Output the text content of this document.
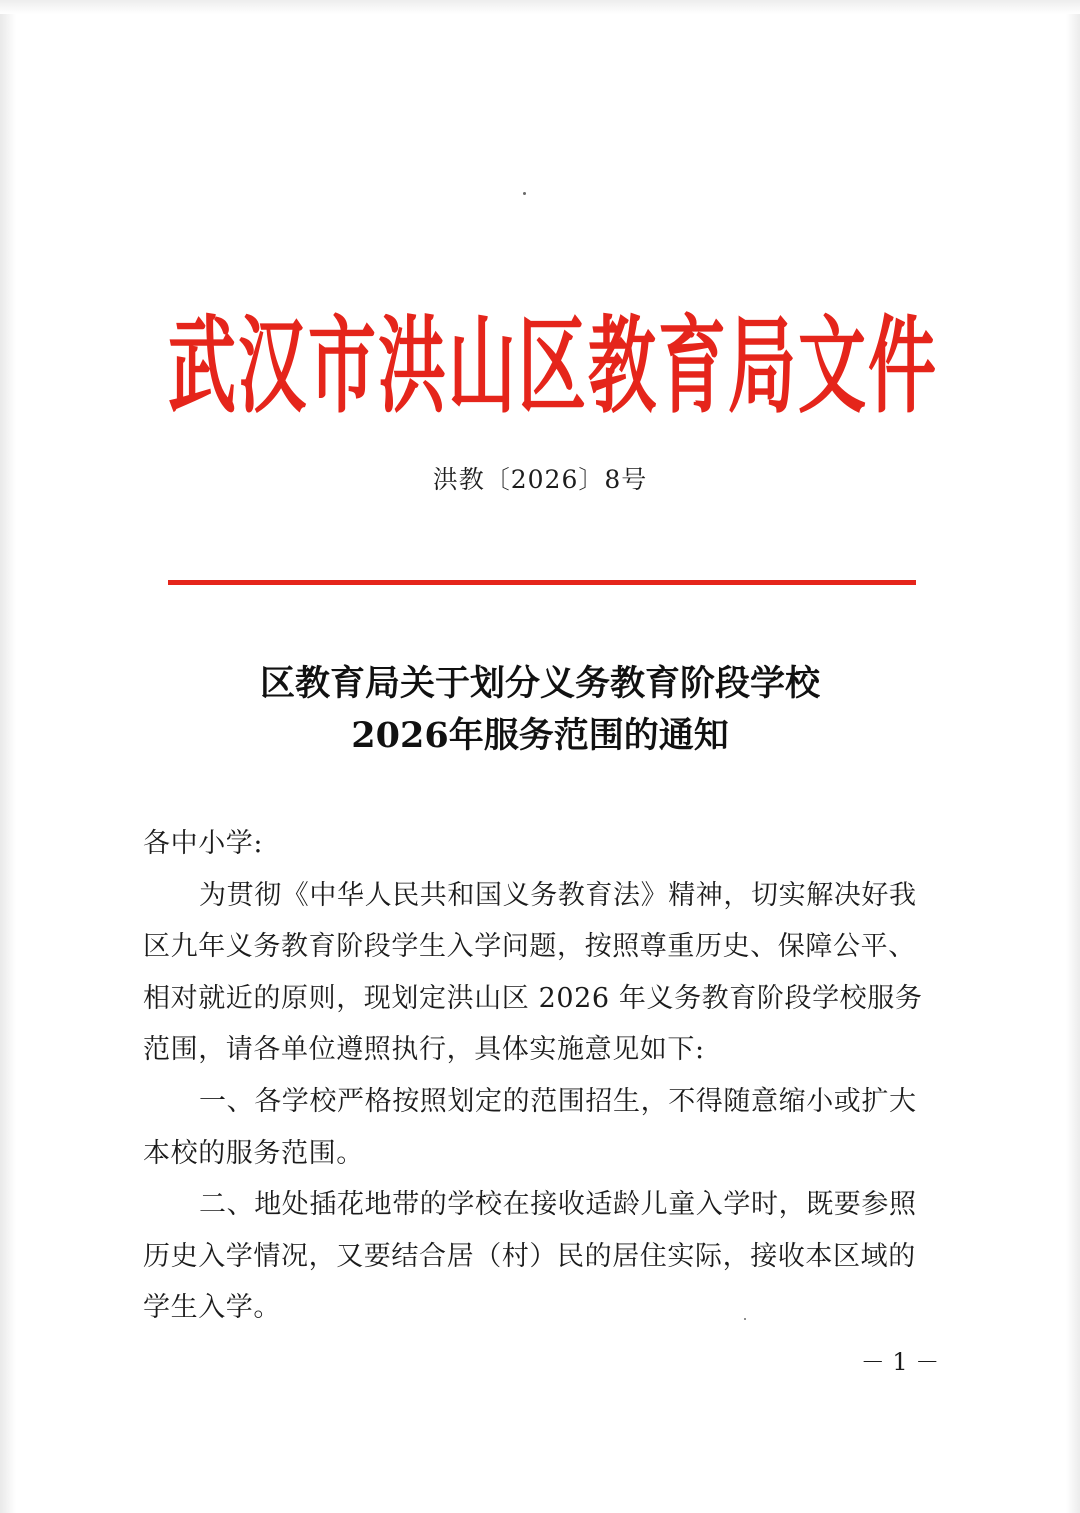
武汉市洪山区教育局文件
洪教〔2026〕8号
区教育局关于划分义务教育阶段学校
2026年服务范围的通知
各中小学:
为贯彻《中华人民共和国义务教育法》精神，切实解决好我
区九年义务教育阶段学生入学问题，按照尊重历史、保障公平、
相对就近的原则，现划定洪山区 2026 年义务教育阶段学校服务
范围，请各单位遵照执行，具体实施意见如下:
一、各学校严格按照划定的范围招生，不得随意缩小或扩大
本校的服务范围。
二、地处插花地带的学校在接收适龄儿童入学时，既要参照
历史入学情况，又要结合居（村）民的居住实际，接收本区域的
学生入学。
－ 1 －
